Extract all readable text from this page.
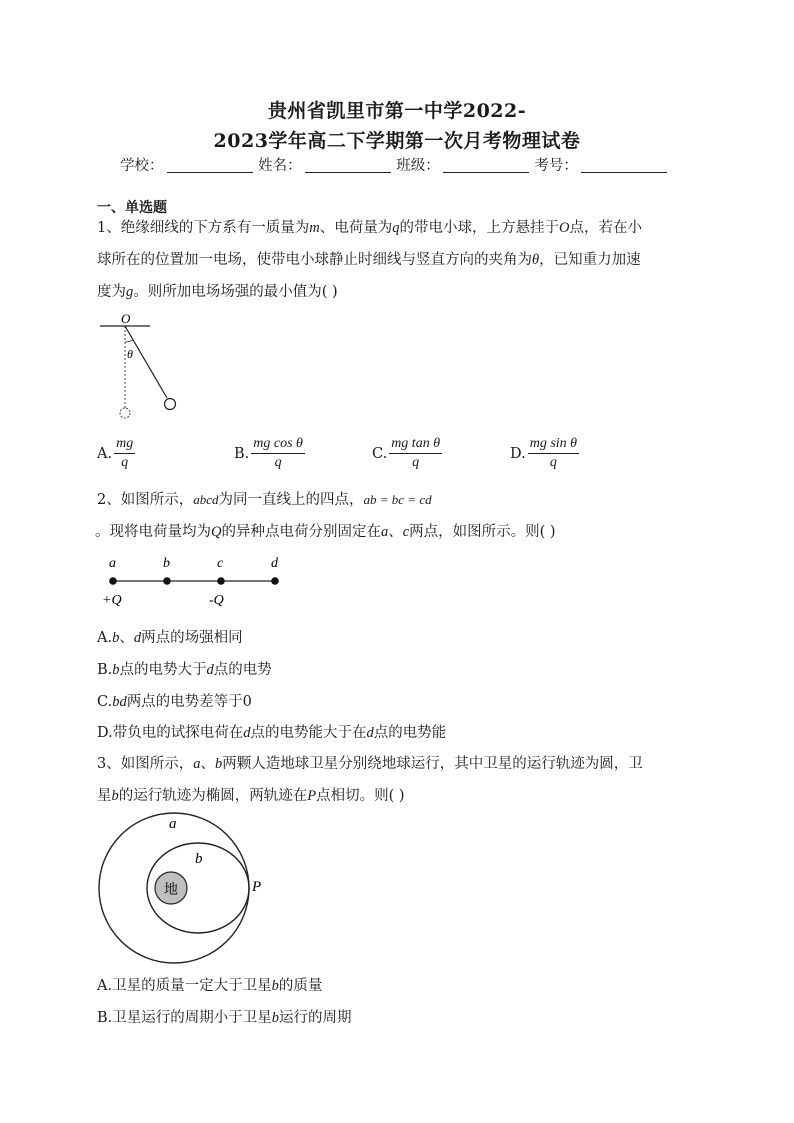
贵州省凯里市第一中学2022-
2023学年高二下学期第一次月考物理试卷
学校：	姓名：	班级：	考号：
一、单选题
1、绝缘细线的下方系有一质量为m、电荷量为q的带电小球，上方悬挂于O点，若在小
球所在的位置加一电场，使带电小球静止时细线与竖直方向的夹角为θ，已知重力加速
度为g。则所加电场场强的最小值为( )
O
θ
A. $\frac{mg}{q}$	B. $\frac{\text{mg cos θ}}{q}$	C. $\frac{\text{mg tan θ}}{q}$	D. $\frac{\text{mg sin θ}}{q}$
2、如图所示，abcd为同一直线上的四点，ab = bc = cd
。现将电荷量均为Q的异种点电荷分别固定在a、c两点，如图所示。则( )
a	b	c	d
+Q	-Q
A.b、d两点的场强相同
B.b点的电势大于d点的电势
C.bd两点的电势差等于0
D.带负电的试探电荷在d点的电势能大于在d点的电势能
3、如图所示，a、b两颗人造地球卫星分别绕地球运行，其中卫星的运行轨迹为圆，卫
星b的运行轨迹为椭圆，两轨迹在P点相切。则( )
地
a
b
P
A.卫星的质量一定大于卫星b的质量
B.卫星运行的周期小于卫星b运行的周期
